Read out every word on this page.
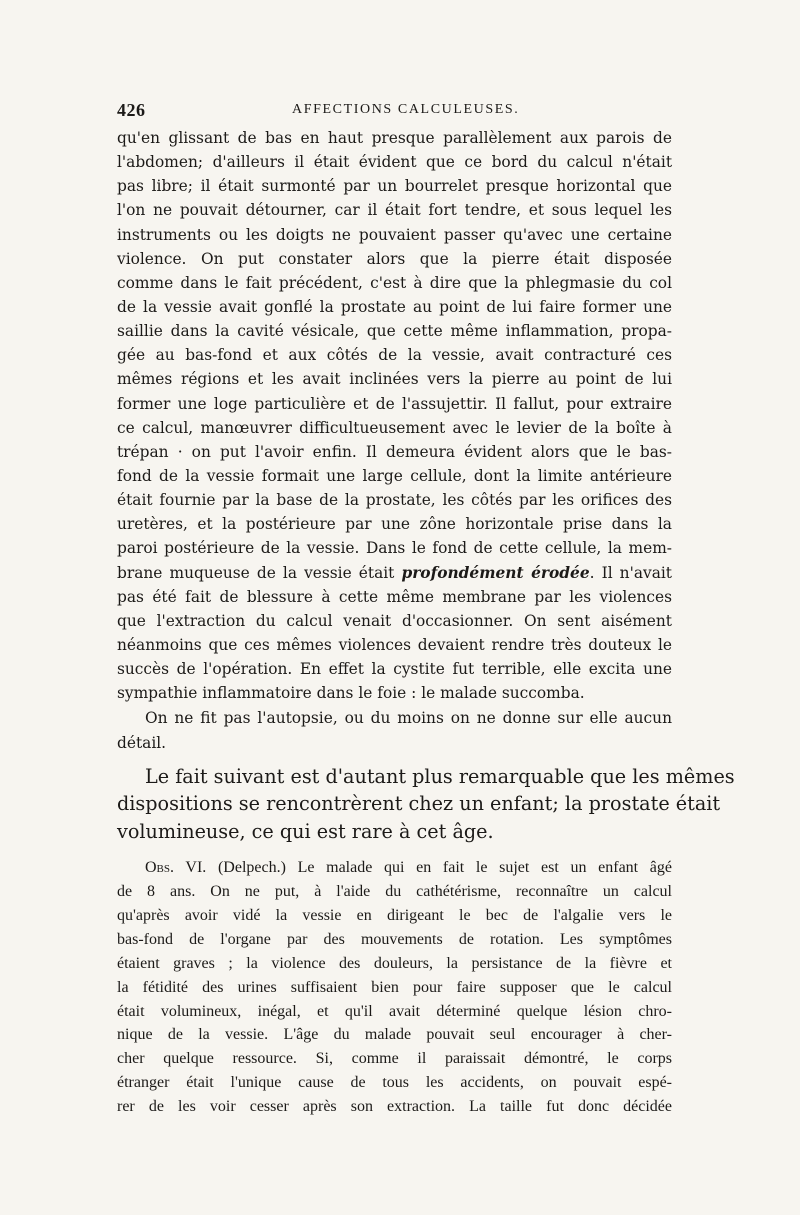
426	AFFECTIONS CALCULEUSES.
qu'en glissant de bas en haut presque parallèlement aux parois de
l'abdomen; d'ailleurs il était évident que ce bord du calcul n'était
pas libre; il était surmonté par un bourrelet presque horizontal que
l'on ne pouvait détourner, car il était fort tendre, et sous lequel les
instruments ou les doigts ne pouvaient passer qu'avec une certaine
violence. On put constater alors que la pierre était disposée
comme dans le fait précédent, c'est à dire que la phlegmasie du col
de la vessie avait gonflé la prostate au point de lui faire former une
saillie dans la cavité vésicale, que cette même inflammation, propa-
gée au bas-fond et aux côtés de la vessie, avait contracturé ces
mêmes régions et les avait inclinées vers la pierre au point de lui
former une loge particulière et de l'assujettir. Il fallut, pour extraire
ce calcul, manœuvrer difficultueusement avec le levier de la boîte à
trépan · on put l'avoir enfin. Il demeura évident alors que le bas-
fond de la vessie formait une large cellule, dont la limite antérieure
était fournie par la base de la prostate, les côtés par les orifices des
uretères, et la postérieure par une zône horizontale prise dans la
paroi postérieure de la vessie. Dans le fond de cette cellule, la mem-
brane muqueuse de la vessie était profondément érodée. Il n'avait
pas été fait de blessure à cette même membrane par les violences
que l'extraction du calcul venait d'occasionner. On sent aisément
néanmoins que ces mêmes violences devaient rendre très douteux le
succès de l'opération. En effet la cystite fut terrible, elle excita une
sympathie inflammatoire dans le foie : le malade succomba.
On ne fit pas l'autopsie, ou du moins on ne donne sur elle aucun
détail.
Le fait suivant est d'autant plus remarquable que les mêmes
dispositions se rencontrèrent chez un enfant; la prostate était
volumineuse, ce qui est rare à cet âge.
Obs. VI. (Delpech.) Le malade qui en fait le sujet est un enfant âgé
de 8 ans. On ne put, à l'aide du cathétérisme, reconnaître un calcul
qu'après avoir vidé la vessie en dirigeant le bec de l'algalie vers le
bas-fond de l'organe par des mouvements de rotation. Les symptômes
étaient graves ; la violence des douleurs, la persistance de la fièvre et
la fétidité des urines suffisaient bien pour faire supposer que le calcul
était volumineux, inégal, et qu'il avait déterminé quelque lésion chro-
nique de la vessie. L'âge du malade pouvait seul encourager à cher-
cher quelque ressource. Si, comme il paraissait démontré, le corps
étranger était l'unique cause de tous les accidents, on pouvait espé-
rer de les voir cesser après son extraction. La taille fut donc décidée
